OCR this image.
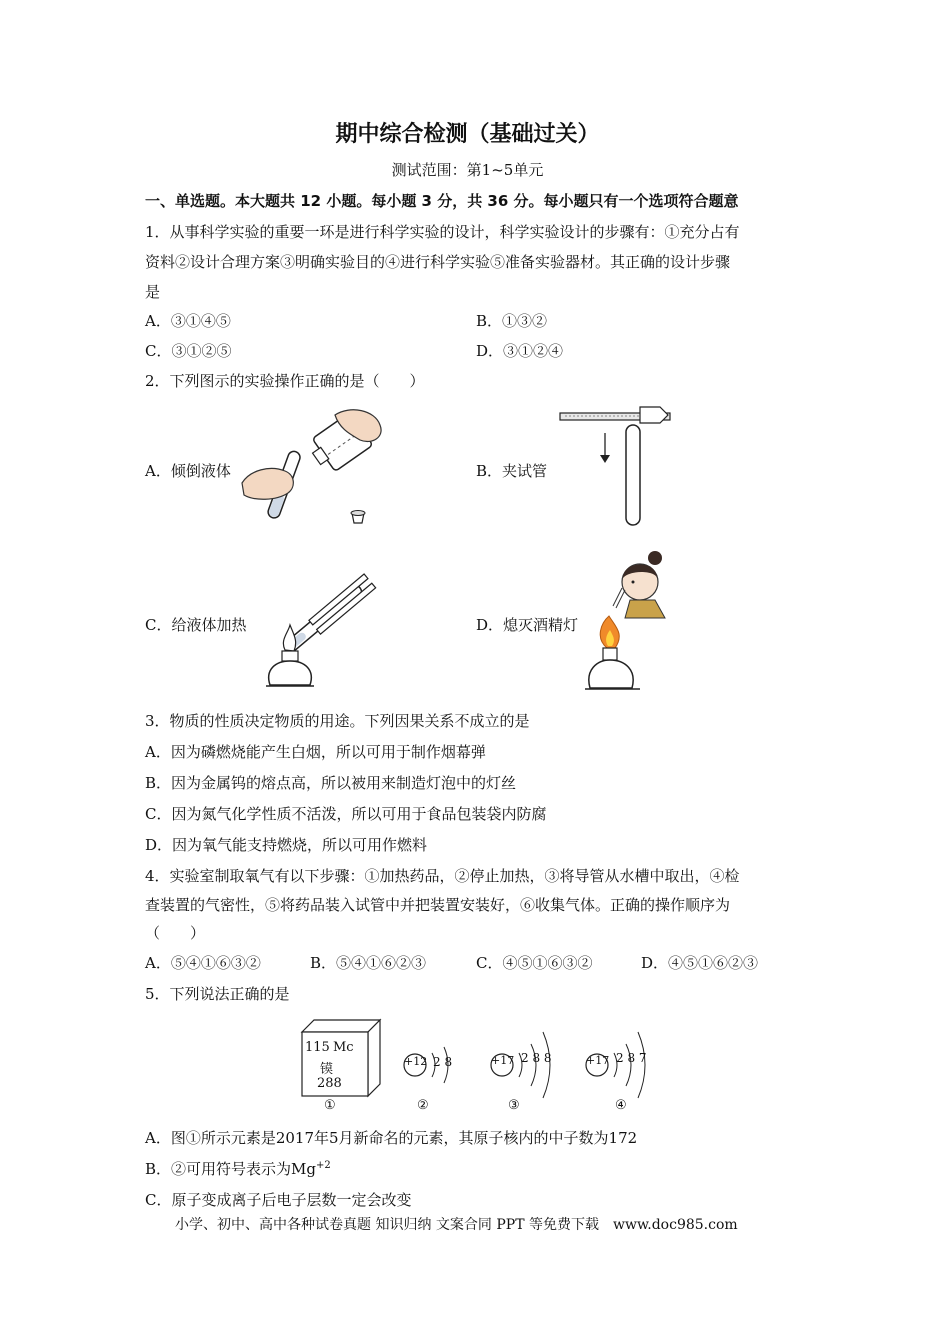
期中综合检测（基础过关）
测试范围：第1~5单元
一、单选题。本大题共 12 小题。每小题 3 分，共 36 分。每小题只有一个选项符合题意
1．从事科学实验的重要一环是进行科学实验的设计，科学实验设计的步骤有：①充分占有
资料②设计合理方案③明确实验目的④进行科学实验⑤准备实验器材。其正确的设计步骤
是
A．③①④⑤	B．①③②
C．③①②⑤	D．③①②④
2．下列图示的实验操作正确的是（　　）
A．倾倒液体	B．夹试管
C．给液体加热	D．熄灭酒精灯
3．物质的性质决定物质的用途。下列因果关系不成立的是
A．因为磷燃烧能产生白烟，所以可用于制作烟幕弹
B．因为金属钨的熔点高，所以被用来制造灯泡中的灯丝
C．因为氮气化学性质不活泼，所以可用于食品包装袋内防腐
D．因为氧气能支持燃烧，所以可用作燃料
4．实验室制取氧气有以下步骤：①加热药品，②停止加热，③将导管从水槽中取出，④检
查装置的气密性，⑤将药品装入试管中并把装置安装好，⑥收集气体。正确的操作顺序为
（　　）
A．⑤④①⑥③②	B．⑤④①⑥②③	C．④⑤①⑥③②	D．④⑤①⑥②③
5．下列说法正确的是
115 Mc
镆
288
+12 2 8	+17 2 8 8	+17 2 8 7
①	②	③	④
A．图①所示元素是2017年5月新命名的元素，其原子核内的中子数为172
B．②可用符号表示为$Mg^{+2}$
C．原子变成离子后电子层数一定会改变
小学、初中、高中各种试卷真题 知识归纳 文案合同 PPT 等免费下载　www.doc985.com
